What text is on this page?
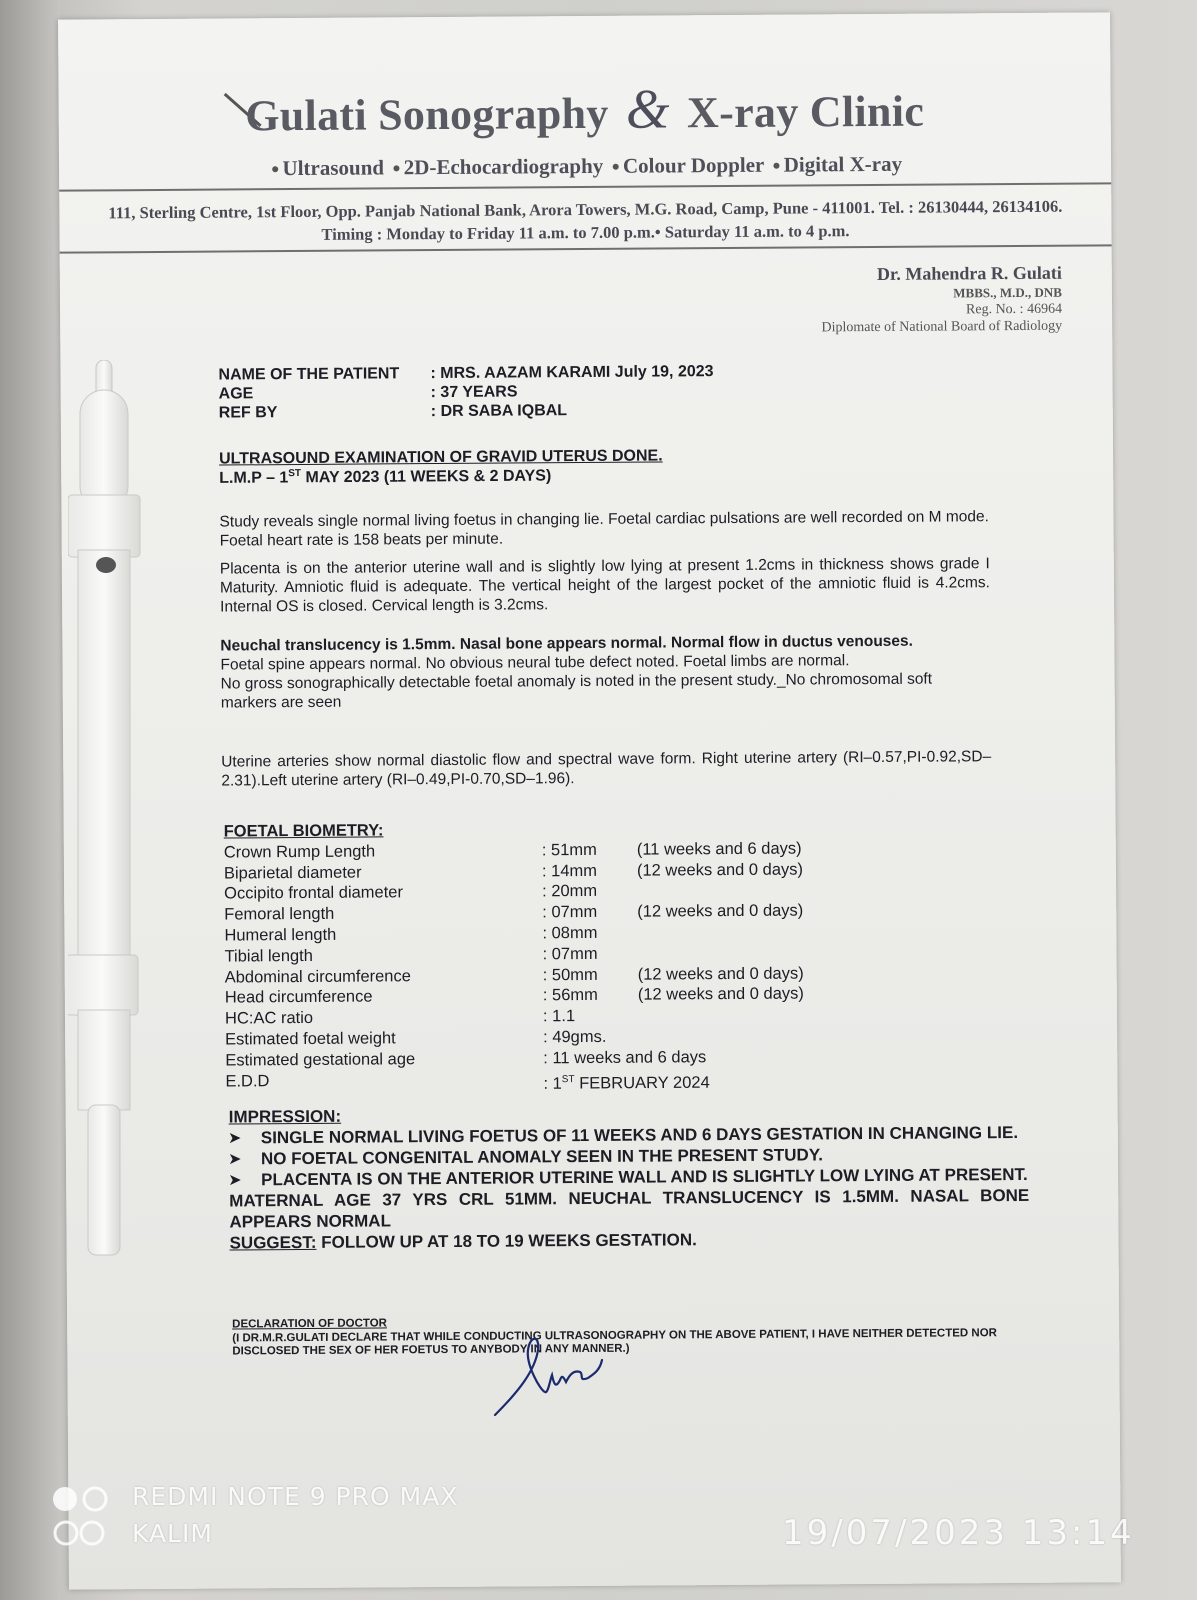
Gulati Sonography & X-ray Clinic
● Ultrasound ● 2D-Echocardiography ● Colour Doppler ● Digital X-ray
111, Sterling Centre, 1st Floor, Opp. Panjab National Bank, Arora Towers, M.G. Road, Camp, Pune - 411001. Tel. : 26130444, 26134106.
Timing : Monday to Friday 11 a.m. to 7.00 p.m.• Saturday 11 a.m. to 4 p.m.
Dr. Mahendra R. Gulati
MBBS., M.D., DNB
Reg. No. : 46964
Diplomate of National Board of Radiology
NAME OF THE PATIENT	: MRS. AAZAM KARAMI July 19, 2023
AGE	: 37 YEARS
REF BY	: DR SABA IQBAL
ULTRASOUND EXAMINATION OF GRAVID UTERUS DONE.
L.M.P – 1ST MAY 2023 (11 WEEKS & 2 DAYS)
Study reveals single normal living foetus in changing lie. Foetal cardiac pulsations are well recorded on M mode. Foetal heart rate is 158 beats per minute.
Placenta is on the anterior uterine wall and is slightly low lying at present 1.2cms in thickness shows grade I Maturity. Amniotic fluid is adequate. The vertical height of the largest pocket of the amniotic fluid is 4.2cms. Internal OS is closed. Cervical length is 3.2cms.
Neuchal translucency is 1.5mm. Nasal bone appears normal. Normal flow in ductus venouses.
Foetal spine appears normal. No obvious neural tube defect noted. Foetal limbs are normal.
No gross sonographically detectable foetal anomaly is noted in the present study._No chromosomal soft markers are seen
Uterine arteries show normal diastolic flow and spectral wave form. Right uterine artery (RI–0.57,PI-0.92,SD–2.31).Left uterine artery (RI–0.49,PI-0.70,SD–1.96).
FOETAL BIOMETRY:
Crown Rump Length	: 51mm	(11 weeks and 6 days)
Biparietal diameter	: 14mm	(12 weeks and 0 days)
Occipito frontal diameter	: 20mm
Femoral length	: 07mm	(12 weeks and 0 days)
Humeral length	: 08mm
Tibial length	: 07mm
Abdominal circumference	: 50mm	(12 weeks and 0 days)
Head circumference	: 56mm	(12 weeks and 0 days)
HC:AC ratio	: 1.1
Estimated foetal weight	: 49gms.
Estimated gestational age	: 11 weeks and 6 days
E.D.D	: 1ST FEBRUARY 2024
IMPRESSION:
➤	SINGLE NORMAL LIVING FOETUS OF 11 WEEKS AND 6 DAYS GESTATION IN CHANGING LIE.
➤	NO FOETAL CONGENITAL ANOMALY SEEN IN THE PRESENT STUDY.
➤	PLACENTA IS ON THE ANTERIOR UTERINE WALL AND IS SLIGHTLY LOW LYING AT PRESENT.
MATERNAL AGE 37 YRS CRL 51MM. NEUCHAL TRANSLUCENCY IS 1.5MM. NASAL BONE APPEARS NORMAL
SUGGEST: FOLLOW UP AT 18 TO 19 WEEKS GESTATION.
DECLARATION OF DOCTOR
(I DR.M.R.GULATI DECLARE THAT WHILE CONDUCTING ULTRASONOGRAPHY ON THE ABOVE PATIENT, I HAVE NEITHER DETECTED NOR DISCLOSED THE SEX OF HER FOETUS TO ANYBODY IN ANY MANNER.)
REDMI NOTE 9 PRO MAX
KALIM	19/07/2023 13:14
